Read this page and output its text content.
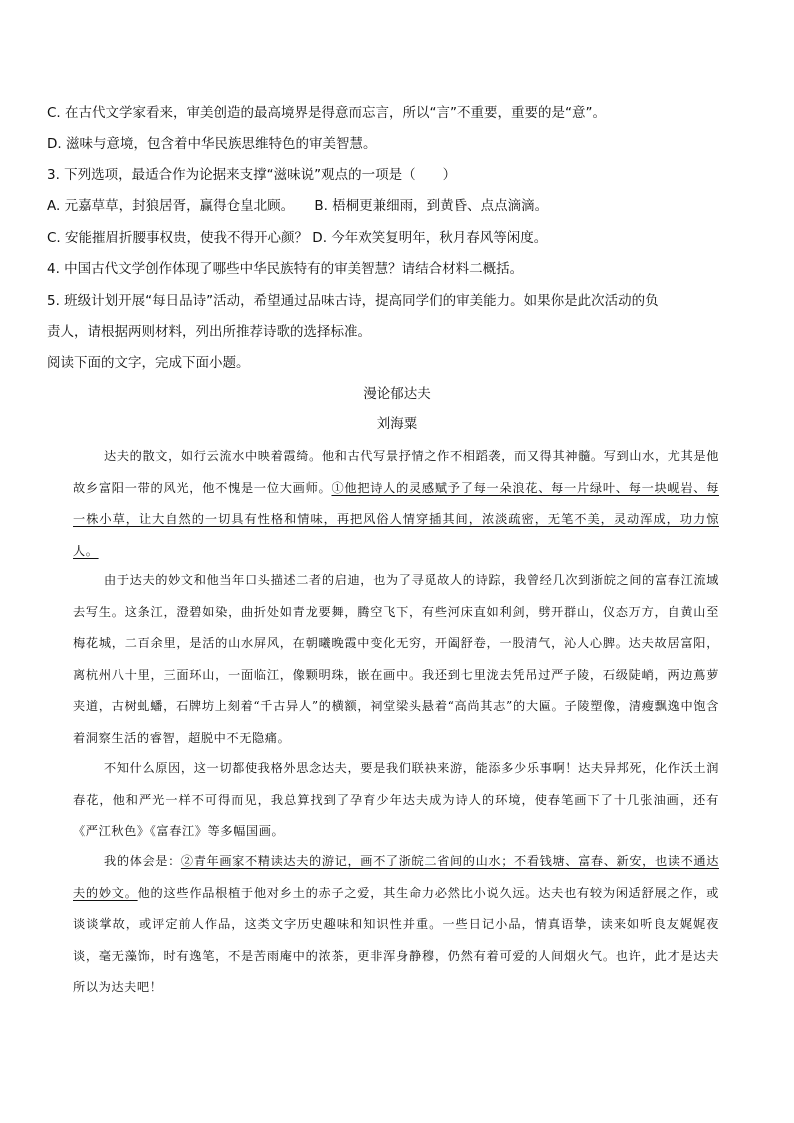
C. 在古代文学家看来，审美创造的最高境界是得意而忘言，所以“言”不重要，重要的是“意”。
D. 滋味与意境，包含着中华民族思维特色的审美智慧。
3. 下列选项，最适合作为论据来支撑“滋味说”观点的一项是（　　）
A. 元嘉草草，封狼居胥，赢得仓皇北顾。　　B. 梧桐更兼细雨，到黄昏、点点滴滴。
C. 安能摧眉折腰事权贵，使我不得开心颜？ D. 今年欢笑复明年，秋月春风等闲度。
4. 中国古代文学创作体现了哪些中华民族特有的审美智慧？请结合材料二概括。
5. 班级计划开展“每日品诗”活动，希望通过品味古诗，提高同学们的审美能力。如果你是此次活动的负
责人，请根据两则材料，列出所推荐诗歌的选择标准。
阅读下面的文字，完成下面小题。
漫论郁达夫
刘海粟
达夫的散文，如行云流水中映着霞绮。他和古代写景抒情之作不相蹈袭，而又得其神髓。写到山水，尤其是他故乡富阳一带的风光，他不愧是一位大画师。①他把诗人的灵感赋予了每一朵浪花、每一片绿叶、每一块岘岩、每一株小草，让大自然的一切具有性格和情味，再把风俗人情穿插其间，浓淡疏密，无笔不美，灵动浑成，功力惊人。
由于达夫的妙文和他当年口头描述二者的启迪，也为了寻觅故人的诗踪，我曾经几次到浙皖之间的富春江流域去写生。这条江，澄碧如染，曲折处如青龙要舞，腾空飞下，有些河床直如利剑，劈开群山，仪态万方，自黄山至梅花城，二百余里，是活的山水屏风，在朝曦晚霞中变化无穷，开阖舒卷，一股清气，沁人心脾。达夫故居富阳，离杭州八十里，三面环山，一面临江，像颗明珠，嵌在画中。我还到七里泷去凭吊过严子陵，石级陡峭，两边蔦萝夹道，古树虬蟠，石牌坊上刻着“千古异人”的横额，祠堂梁头悬着“高尚其志”的大匾。子陵塑像，清瘦飘逸中饱含着洞察生活的睿智，超脱中不无隐痛。
不知什么原因，这一切都使我格外思念达夫，要是我们联袂来游，能添多少乐事啊！达夫异邦死，化作沃土润春花，他和严光一样不可得而见，我总算找到了孕育少年达夫成为诗人的环境，使春笔画下了十几张油画，还有《严江秋色》《富春江》等多幅国画。
我的体会是：②青年画家不精读达夫的游记，画不了浙皖二省间的山水；不看钱塘、富春、新安，也读不通达夫的妙文。他的这些作品根植于他对乡土的赤子之爱，其生命力必然比小说久远。达夫也有较为闲适舒展之作，或谈谈掌故，或评定前人作品，这类文字历史趣味和知识性并重。一些日记小品，情真语挚，读来如听良友娓娓夜谈，毫无藻饰，时有逸笔，不是苦雨庵中的浓茶，更非浑身静穆，仍然有着可爱的人间烟火气。也许，此才是达夫所以为达夫吧！
